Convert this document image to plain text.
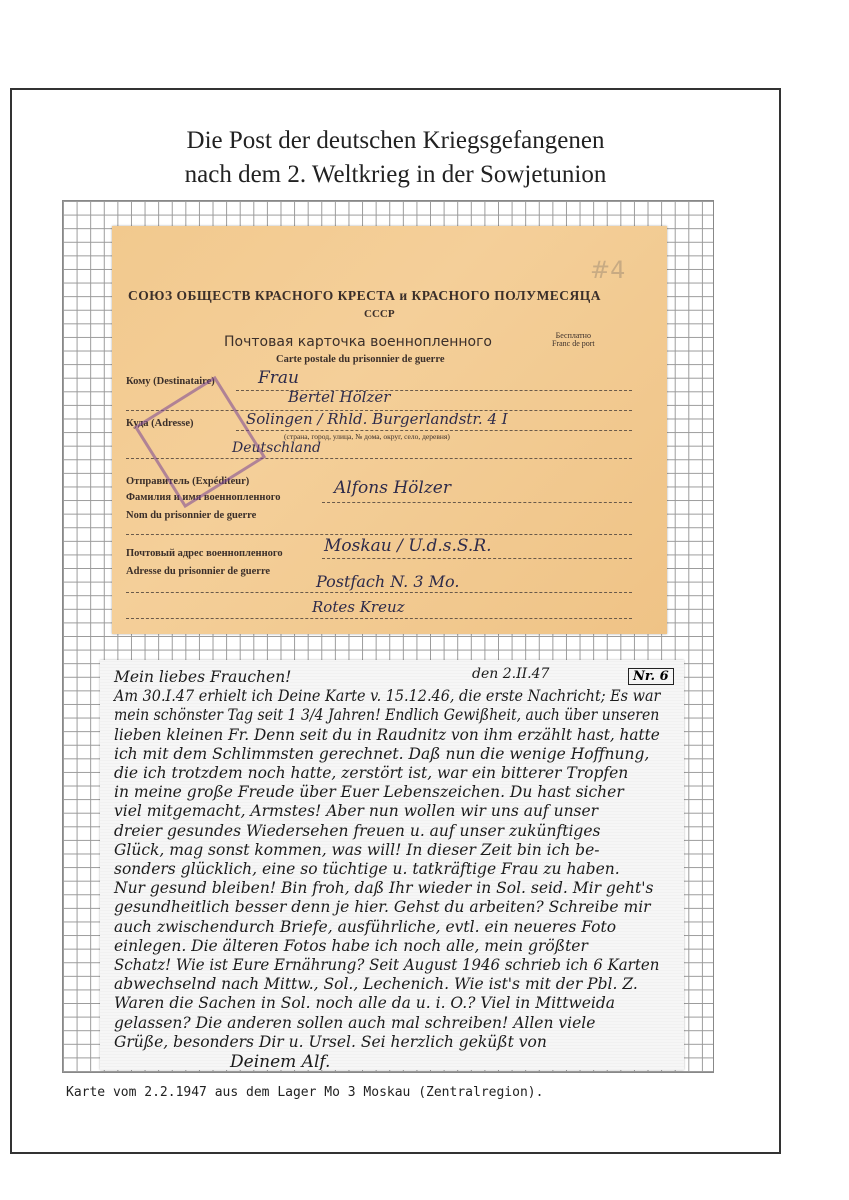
Die Post der deutschen Kriegsgefangenen
nach dem 2. Weltkrieg in der Sowjetunion
#4
СОЮЗ ОБЩЕСТВ КРАСНОГО КРЕСТА и КРАСНОГО ПОЛУМЕСЯЦА
СССР
Почтовая карточка военнопленного	Бесплатно
Franc de port
Carte postale du prisonnier de guerre
Кому (Destinataire)	Frau
Bertel Hölzer
Куда (Adresse)	Solingen / Rhld. Burgerlandstr. 4 I
(страна, город, улица, № дома, округ, село, деревня)
Deutschland
Отправитель (Expéditeur)
Фамилия и имя военнопленного	Alfons Hölzer
Nom du prisonnier de guerre
Почтовый адрес военнопленного Moskau / U.d.s.S.R.
Adresse du prisonnier de guerre
Postfach N. 3 Mo.
Rotes Kreuz
den 2.II.47	Nr. 6
Mein liebes Frauchen!
Am 30.I.47 erhielt ich Deine Karte v. 15.12.46, die erste Nachricht; Es war
mein schönster Tag seit 1 3/4 Jahren! Endlich Gewißheit, auch über unseren
lieben kleinen Fr. Denn seit du in Raudnitz von ihm erzählt hast, hatte
ich mit dem Schlimmsten gerechnet. Daß nun die wenige Hoffnung,
die ich trotzdem noch hatte, zerstört ist, war ein bitterer Tropfen
in meine große Freude über Euer Lebenszeichen. Du hast sicher
viel mitgemacht, Armstes! Aber nun wollen wir uns auf unser
dreier gesundes Wiedersehen freuen u. auf unser zukünftiges
Glück, mag sonst kommen, was will! In dieser Zeit bin ich be-
sonders glücklich, eine so tüchtige u. tatkräftige Frau zu haben.
Nur gesund bleiben! Bin froh, daß Ihr wieder in Sol. seid. Mir geht's
gesundheitlich besser denn je hier. Gehst du arbeiten? Schreibe mir
auch zwischendurch Briefe, ausführliche, evtl. ein neueres Foto
einlegen. Die älteren Fotos habe ich noch alle, mein größter
Schatz! Wie ist Eure Ernährung? Seit August 1946 schrieb ich 6 Karten
abwechselnd nach Mittw., Sol., Lechenich. Wie ist's mit der Pbl. Z.
Waren die Sachen in Sol. noch alle da u. i. O.? Viel in Mittweida
gelassen? Die anderen sollen auch mal schreiben! Allen viele
Grüße, besonders Dir u. Ursel. Sei herzlich geküßt von
Deinem Alf.
Karte vom 2.2.1947 aus dem Lager Mo 3 Moskau (Zentralregion).
